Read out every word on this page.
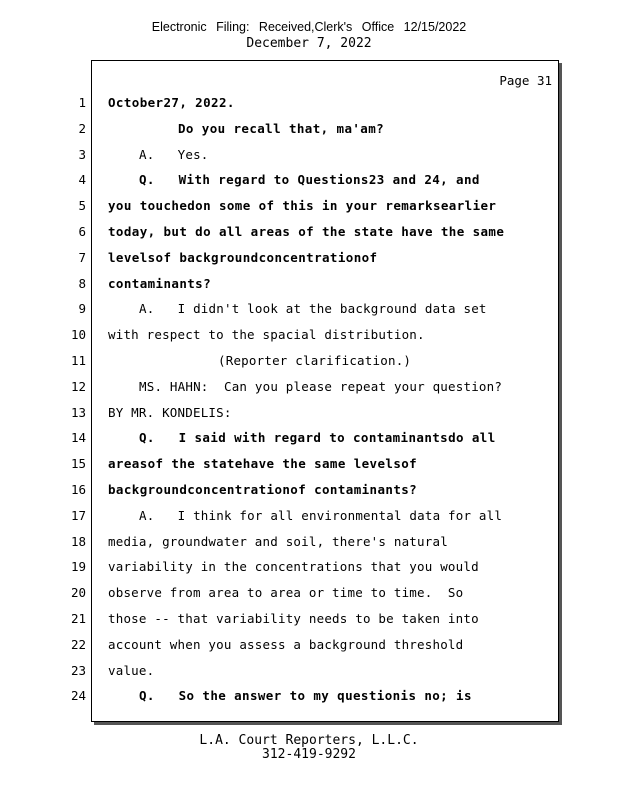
Electronic Filing: Received,Clerk's Office 12/15/2022
December 7, 2022
Page 31
1 October27, 2022.
2	Do you recall that, ma'am?
3	A.   Yes.
4	Q.   With regard to Questions23 and 24, and
5 you touchedon some of this in your remarksearlier
6 today, but do all areas of the state have the same
7 levelsof backgroundconcentrationof
8 contaminants?
9	A.   I didn't look at the background data set
10 with respect to the spacial distribution.
11	(Reporter clarification.)
12	MS. HAHN:  Can you please repeat your question?
13 BY MR. KONDELIS:
14	Q.   I said with regard to contaminantsdo all
15 areasof the statehave the same levelsof
16 backgroundconcentrationof contaminants?
17	A.   I think for all environmental data for all
18 media, groundwater and soil, there's natural
19 variability in the concentrations that you would
20 observe from area to area or time to time.  So
21 those -- that variability needs to be taken into
22 account when you assess a background threshold
23 value.
24	Q.   So the answer to my questionis no; is
L.A. Court Reporters, L.L.C.
312-419-9292
